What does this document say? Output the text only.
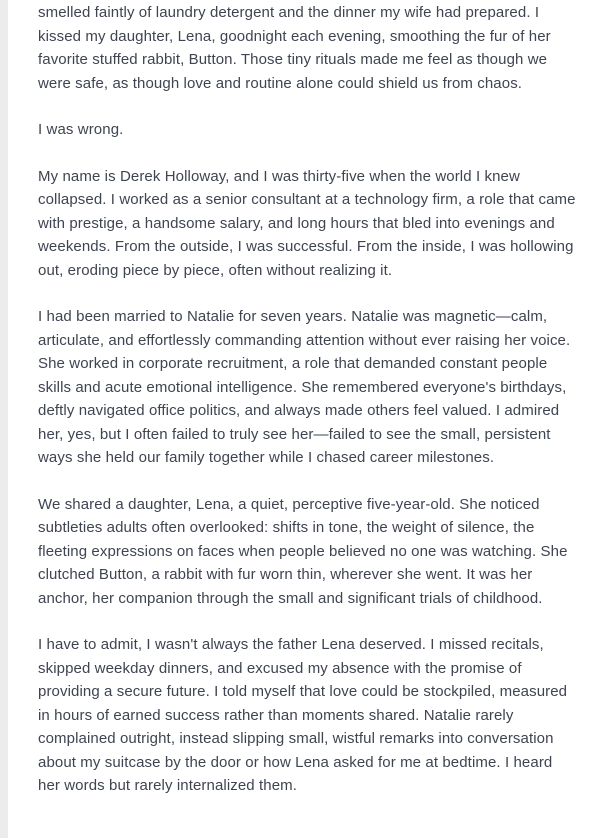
smelled faintly of laundry detergent and the dinner my wife had prepared. I kissed my daughter, Lena, goodnight each evening, smoothing the fur of her favorite stuffed rabbit, Button. Those tiny rituals made me feel as though we were safe, as though love and routine alone could shield us from chaos.

I was wrong.

My name is Derek Holloway, and I was thirty-five when the world I knew collapsed. I worked as a senior consultant at a technology firm, a role that came with prestige, a handsome salary, and long hours that bled into evenings and weekends. From the outside, I was successful. From the inside, I was hollowing out, eroding piece by piece, often without realizing it.

I had been married to Natalie for seven years. Natalie was magnetic—calm, articulate, and effortlessly commanding attention without ever raising her voice. She worked in corporate recruitment, a role that demanded constant people skills and acute emotional intelligence. She remembered everyone's birthdays, deftly navigated office politics, and always made others feel valued. I admired her, yes, but I often failed to truly see her—failed to see the small, persistent ways she held our family together while I chased career milestones.

We shared a daughter, Lena, a quiet, perceptive five-year-old. She noticed subtleties adults often overlooked: shifts in tone, the weight of silence, the fleeting expressions on faces when people believed no one was watching. She clutched Button, a rabbit with fur worn thin, wherever she went. It was her anchor, her companion through the small and significant trials of childhood.

I have to admit, I wasn't always the father Lena deserved. I missed recitals, skipped weekday dinners, and excused my absence with the promise of providing a secure future. I told myself that love could be stockpiled, measured in hours of earned success rather than moments shared. Natalie rarely complained outright, instead slipping small, wistful remarks into conversation about my suitcase by the door or how Lena asked for me at bedtime. I heard her words but rarely internalized them.
